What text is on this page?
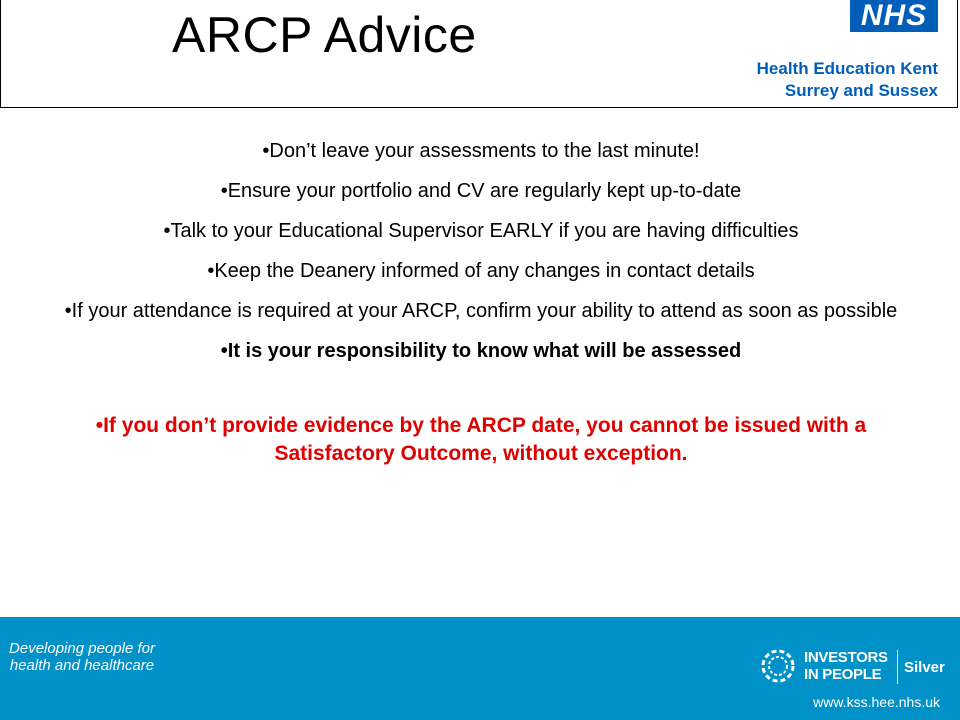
ARCP Advice	NHS
Health Education Kent
Surrey and Sussex
•Don’t leave your assessments to the last minute!
•Ensure your portfolio and CV are regularly kept up-to-date
•Talk to your Educational Supervisor EARLY if you are having difficulties
•Keep the Deanery informed of any changes in contact details
•If your attendance is required at your ARCP, confirm your ability to attend as soon as possible
•It is your responsibility to know what will be assessed
•If you don’t provide evidence by the ARCP date, you cannot be issued with a Satisfactory Outcome, without exception.
Developing people for health and healthcare	INVESTORS
IN PEOPLE	Silver
www.kss.hee.nhs.uk
